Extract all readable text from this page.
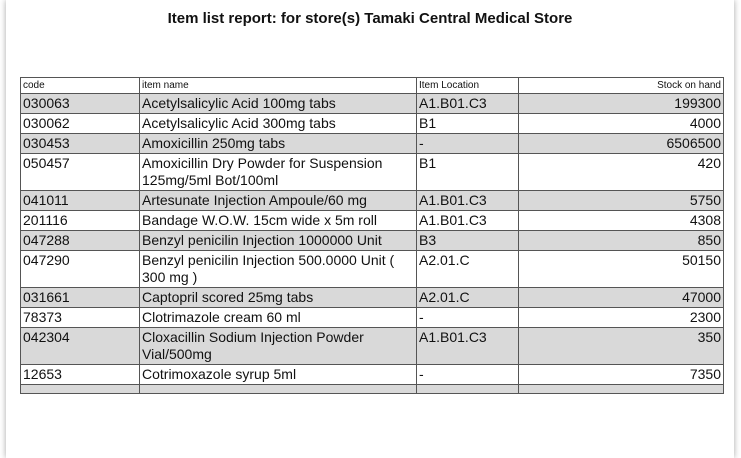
Item list report: for store(s) Tamaki Central Medical Store
code	item name	Item Location	Stock on hand
030063	Acetylsalicylic Acid 100mg tabs	A1.B01.C3	199300
030062	Acetylsalicylic Acid 300mg tabs	B1	4000
030453	Amoxicillin 250mg tabs	-	6506500
050457	Amoxicillin Dry Powder for Suspension 125mg/5ml Bot/100ml	B1	420
041011	Artesunate Injection Ampoule/60 mg	A1.B01.C3	5750
201116	Bandage W.O.W. 15cm wide x 5m roll	A1.B01.C3	4308
047288	Benzyl penicilin Injection 1000000 Unit	B3	850
047290	Benzyl penicilin Injection 500.0000 Unit ( 300 mg )	A2.01.C	50150
031661	Captopril scored 25mg tabs	A2.01.C	47000
78373	Clotrimazole cream 60 ml	-	2300
042304	Cloxacillin Sodium Injection Powder Vial/500mg	A1.B01.C3	350
12653	Cotrimoxazole syrup 5ml	-	7350
